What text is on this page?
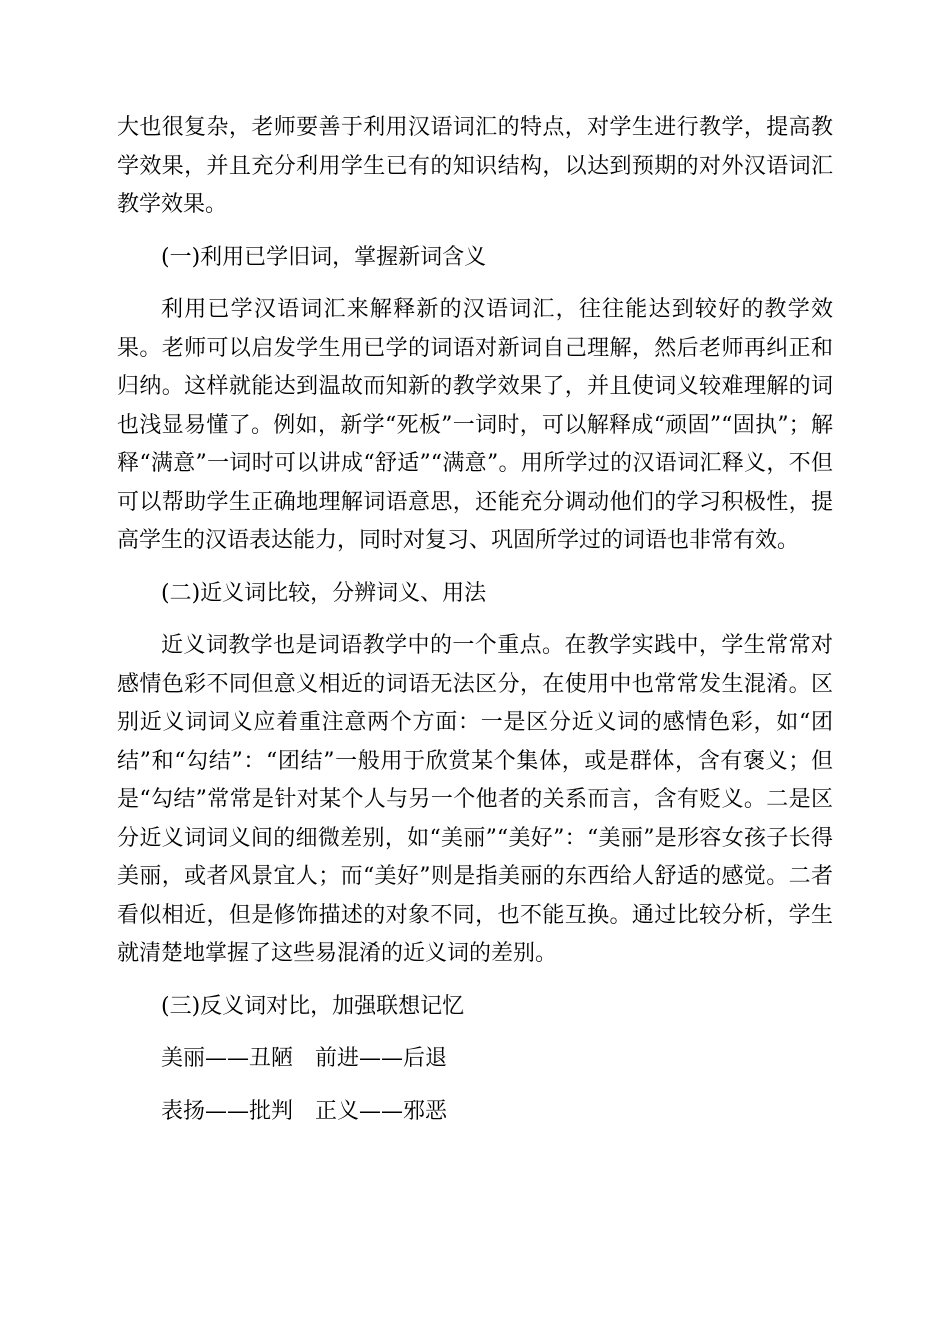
大也很复杂，老师要善于利用汉语词汇的特点，对学生进行教学，提高教学效果，并且充分利用学生已有的知识结构，以达到预期的对外汉语词汇教学效果。

(一)利用已学旧词，掌握新词含义

利用已学汉语词汇来解释新的汉语词汇，往往能达到较好的教学效果。老师可以启发学生用已学的词语对新词自己理解，然后老师再纠正和归纳。这样就能达到温故而知新的教学效果了，并且使词义较难理解的词也浅显易懂了。例如，新学“死板”一词时，可以解释成“顽固”“固执”；解释“满意”一词时可以讲成“舒适”“满意”。用所学过的汉语词汇释义，不但可以帮助学生正确地理解词语意思，还能充分调动他们的学习积极性，提高学生的汉语表达能力，同时对复习、巩固所学过的词语也非常有效。

(二)近义词比较，分辨词义、用法

近义词教学也是词语教学中的一个重点。在教学实践中，学生常常对感情色彩不同但意义相近的词语无法区分，在使用中也常常发生混淆。区别近义词词义应着重注意两个方面：一是区分近义词的感情色彩，如“团结”和“勾结”：“团结”一般用于欣赏某个集体，或是群体，含有褒义；但是“勾结”常常是针对某个人与另一个他者的关系而言，含有贬义。二是区分近义词词义间的细微差别，如“美丽”“美好”：“美丽”是形容女孩子长得美丽，或者风景宜人；而“美好”则是指美丽的东西给人舒适的感觉。二者看似相近，但是修饰描述的对象不同，也不能互换。通过比较分析，学生就清楚地掌握了这些易混淆的近义词的差别。

(三)反义词对比，加强联想记忆

美丽——丑陋 前进——后退
表扬——批判 正义——邪恶
